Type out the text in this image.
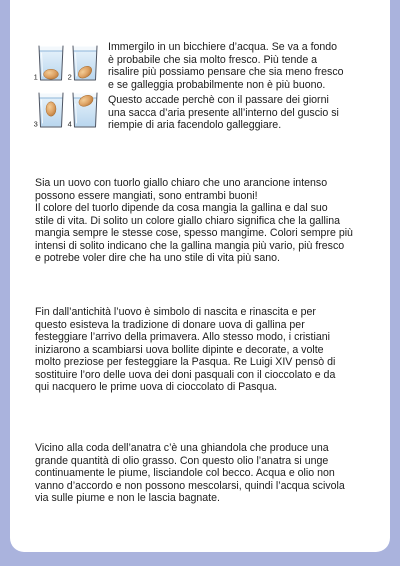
1	2
3	4

Immergilo in un bicchiere d’acqua. Se va a fondo
è probabile che sia molto fresco. Più tende a
risalire più possiamo pensare che sia meno fresco
e se galleggia probabilmente non è più buono.

Questo accade perchè con il passare dei giorni
una sacca d’aria presente all’interno del guscio si
riempie di aria facendolo galleggiare.

Sia un uovo con tuorlo giallo chiaro che uno arancione intenso
possono essere mangiati, sono entrambi buoni!
Il colore del tuorlo dipende da cosa mangia la gallina e dal suo
stile di vita. Di solito un colore giallo chiaro significa che la gallina
mangia sempre le stesse cose, spesso mangime. Colori sempre più
intensi di solito indicano che la gallina mangia più vario, più fresco
e potrebe voler dire che ha uno stile di vita più sano.

Fin dall’antichità l’uovo è simbolo di nascita e rinascita e per
questo esisteva la tradizione di donare uova di gallina per
festeggiare l’arrivo della primavera. Allo stesso modo, i cristiani
iniziarono a scambiarsi uova bollite dipinte e decorate, a volte
molto preziose per festeggiare la Pasqua. Re Luigi XIV pensò di
sostituire l’oro delle uova dei doni pasquali con il cioccolato e da
qui nacquero le prime uova di cioccolato di Pasqua.

Vicino alla coda dell’anatra c’è una ghiandola che produce una
grande quantità di olio grasso. Con questo olio l’anatra si unge
continuamente le piume, lisciandole col becco. Acqua e olio non
vanno d’accordo e non possono mescolarsi, quindi l’acqua scivola
via sulle piume e non le lascia bagnate.
